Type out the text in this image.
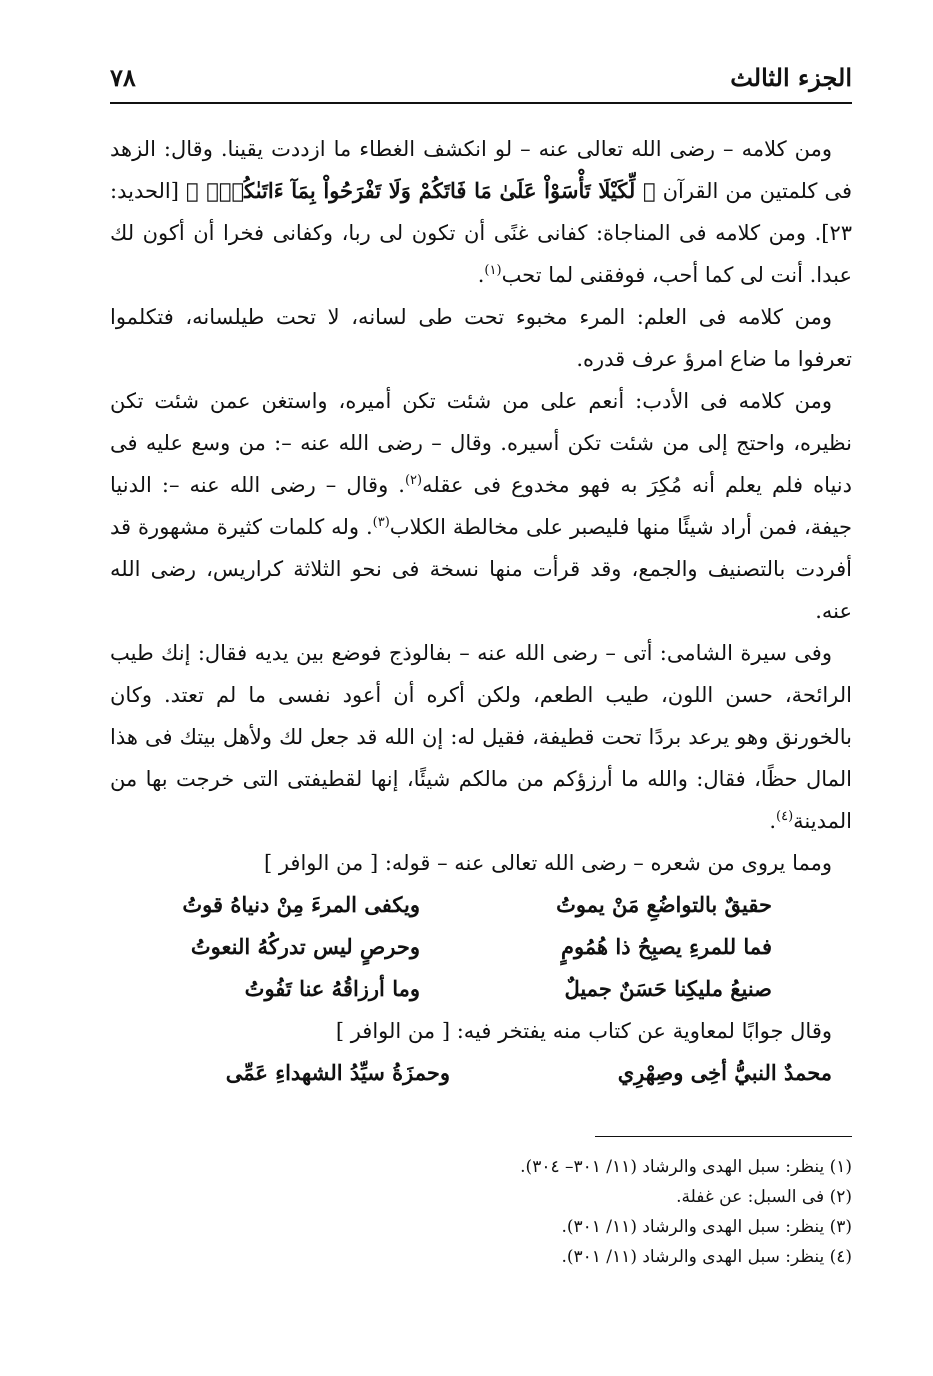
الجزء الثالث
٧٨

ومن كلامه – رضى الله تعالى عنه – لو انكشف الغطاء ما ازددت يقينا. وقال: الزهد فى كلمتين من القرآن ﴿ لِّكَيْلَا تَأْسَوْاْ عَلَىٰ مَا فَاتَكُمْ وَلَا تَفْرَحُواْ بِمَآ ءَاتَىٰكُمْۗ ﴾ [الحديد: ٢٣]. ومن كلامه فى المناجاة: كفانى غنًى أن تكون لى ربا، وكفانى فخرا أن أكون لك عبدا. أنت لى كما أحب، فوفقنى لما تحب$^{(١)}$.

ومن كلامه فى العلم: المرء مخبوء تحت طى لسانه، لا تحت طيلسانه، فتكلموا تعرفوا ما ضاع امرؤ عرف قدره.

ومن كلامه فى الأدب: أنعم على من شئت تكن أميره، واستغن عمن شئت تكن نظيره، واحتج إلى من شئت تكن أسيره. وقال – رضى الله عنه –: من وسع عليه فى دنياه فلم يعلم أنه مُكِرَ به فهو مخدوع فى عقله$^{(٢)}$. وقال – رضى الله عنه –: الدنيا جيفة، فمن أراد شيئًا منها فليصبر على مخالطة الكلاب$^{(٣)}$. وله كلمات كثيرة مشهورة قد أفردت بالتصنيف والجمع، وقد قرأت منها نسخة فى نحو الثلاثة كراريس، رضى الله عنه.

وفى سيرة الشامى: أتى – رضى الله عنه – بفالوذج فوضع بين يديه فقال: إنك طيب الرائحة، حسن اللون، طيب الطعم، ولكن أكره أن أعود نفسى ما لم تعتد. وكان بالخورنق وهو يرعد بردًا تحت قطيفة، فقيل له: إن الله قد جعل لك ولأهل بيتك فى هذا المال حظًا، فقال: والله ما أرزؤكم من مالكم شيئًا، إنها لقطيفتى التى خرجت بها من المدينة$^{(٤)}$.

ومما يروى من شعره – رضى الله تعالى عنه – قوله: [ من الوافر ]
حقيقٌ بالتواضُعِ مَنْ يموتُ
ويكفى المرءَ مِنْ دنياهُ قوتُ
فما للمرءِ يصبِحُ ذا هُمُومٍ
وحرصٍ ليس تدركُهُ النعوتُ
صنيعُ مليكِنا حَسَنٌ جميلٌ
وما أرزاقُهُ عنا تَفُوتُ
وقال جوابًا لمعاوية عن كتاب منه يفتخر فيه: [ من الوافر ]
محمدٌ النبيُّ أخِى وصِهْرِي
وحمزَةُ سيِّدُ الشهداءِ عَمِّى
(١) ينظر: سبل الهدى والرشاد (١١/ ٣٠١– ٣٠٤).
(٢) فى السبل: عن غفلة.
(٣) ينظر: سبل الهدى والرشاد (١١/ ٣٠١).
(٤) ينظر: سبل الهدى والرشاد (١١/ ٣٠١).
